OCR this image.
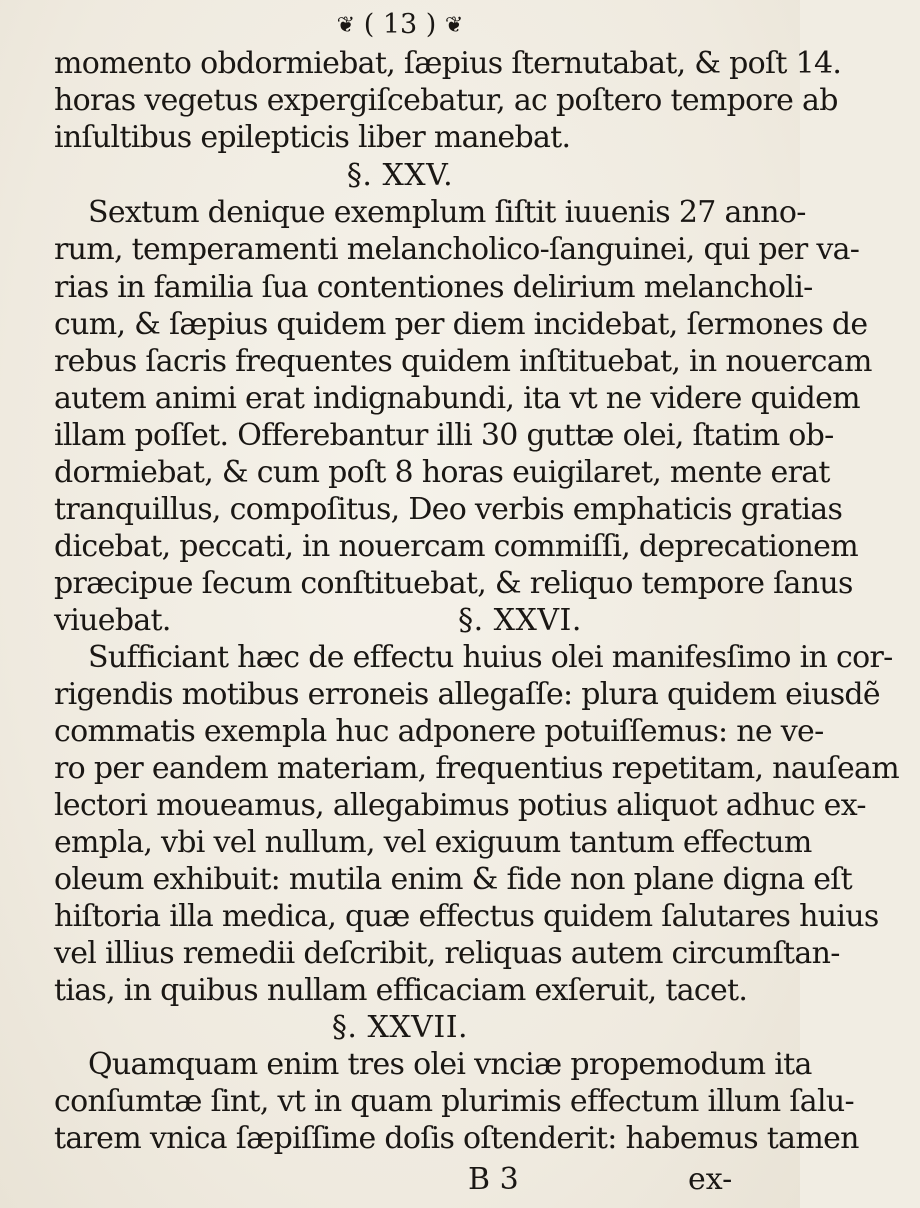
❦ ( 13 ) ❦
momento obdormiebat, ſæpius ſternutabat, & poſt 14.
horas vegetus expergiſcebatur, ac poſtero tempore ab
inſultibus epilepticis liber manebat.
§. XXV.
Sextum denique exemplum ſiſtit iuuenis 27 anno-
rum, temperamenti melancholico-ſanguinei, qui per va-
rias in familia ſua contentiones delirium melancholi-
cum, & ſæpius quidem per diem incidebat, ſermones de
rebus ſacris frequentes quidem inſtituebat, in nouercam
autem animi erat indignabundi, ita vt ne videre quidem
illam poſſet. Offerebantur illi 30 guttæ olei, ſtatim ob-
dormiebat, & cum poſt 8 horas euigilaret, mente erat
tranquillus, compoſitus, Deo verbis emphaticis gratias
dicebat, peccati, in nouercam commiſſi, deprecationem
præcipue ſecum conſtituebat, & reliquo tempore ſanus
viuebat.	§. XXVI.
Sufficiant hæc de effectu huius olei manifesſimo in cor-
rigendis motibus erroneis allegaſſe: plura quidem eiusdẽ
commatis exempla huc adponere potuiſſemus: ne ve-
ro per eandem materiam, frequentius repetitam, nauſeam
lectori moueamus, allegabimus potius aliquot adhuc ex-
empla, vbi vel nullum, vel exiguum tantum effectum
oleum exhibuit: mutila enim & fide non plane digna eſt
hiſtoria illa medica, quæ effectus quidem ſalutares huius
vel illius remedii deſcribit, reliquas autem circumſtan-
tias, in quibus nullam efficaciam exſeruit, tacet.
§. XXVII.
Quamquam enim tres olei vnciæ propemodum ita
conſumtæ ſint, vt in quam plurimis effectum illum ſalu-
tarem vnica ſæpiſſime doſis oſtenderit: habemus tamen
B 3	ex-
